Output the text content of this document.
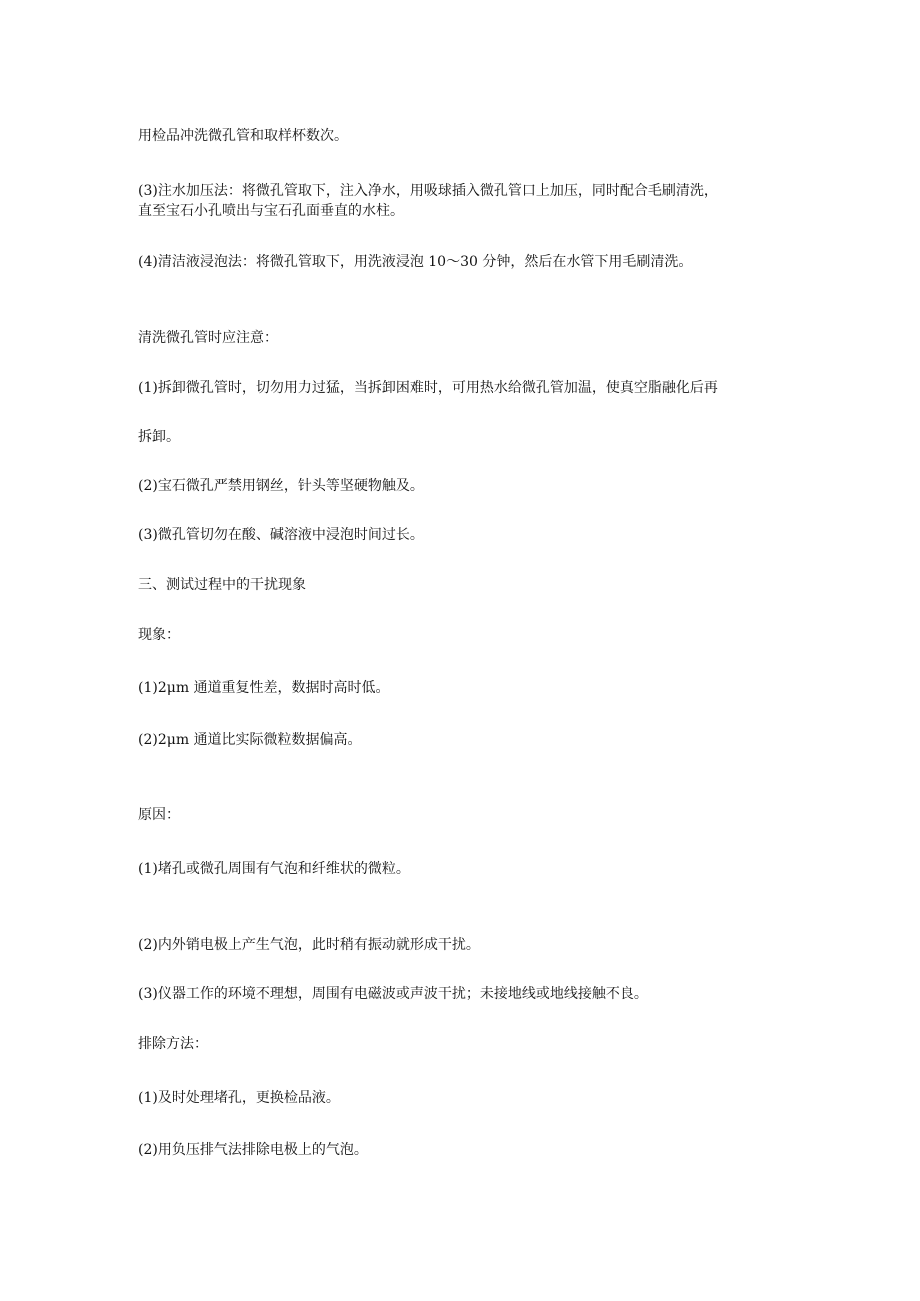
用检品冲洗微孔管和取样杯数次。

(3)注水加压法：将微孔管取下，注入净水，用吸球插入微孔管口上加压，同时配合毛刷清洗，

直至宝石小孔喷出与宝石孔面垂直的水柱。

(4)清洁液浸泡法：将微孔管取下，用洗液浸泡 10～30 分钟，然后在水管下用毛刷清洗。

清洗微孔管时应注意：

(1)拆卸微孔管时，切勿用力过猛，当拆卸困难时，可用热水给微孔管加温，使真空脂融化后再

拆卸。

(2)宝石微孔严禁用钢丝，针头等坚硬物触及。

(3)微孔管切勿在酸、碱溶液中浸泡时间过长。

三、测试过程中的干扰现象

现象：

(1)2μm 通道重复性差，数据时高时低。

(2)2μm 通道比实际微粒数据偏高。

原因：

(1)堵孔或微孔周围有气泡和纤维状的微粒。

(2)内外销电极上产生气泡，此时稍有振动就形成干扰。

(3)仪器工作的环境不理想，周围有电磁波或声波干扰；未接地线或地线接触不良。

排除方法：

(1)及时处理堵孔，更换检品液。

(2)用负压排气法排除电极上的气泡。
